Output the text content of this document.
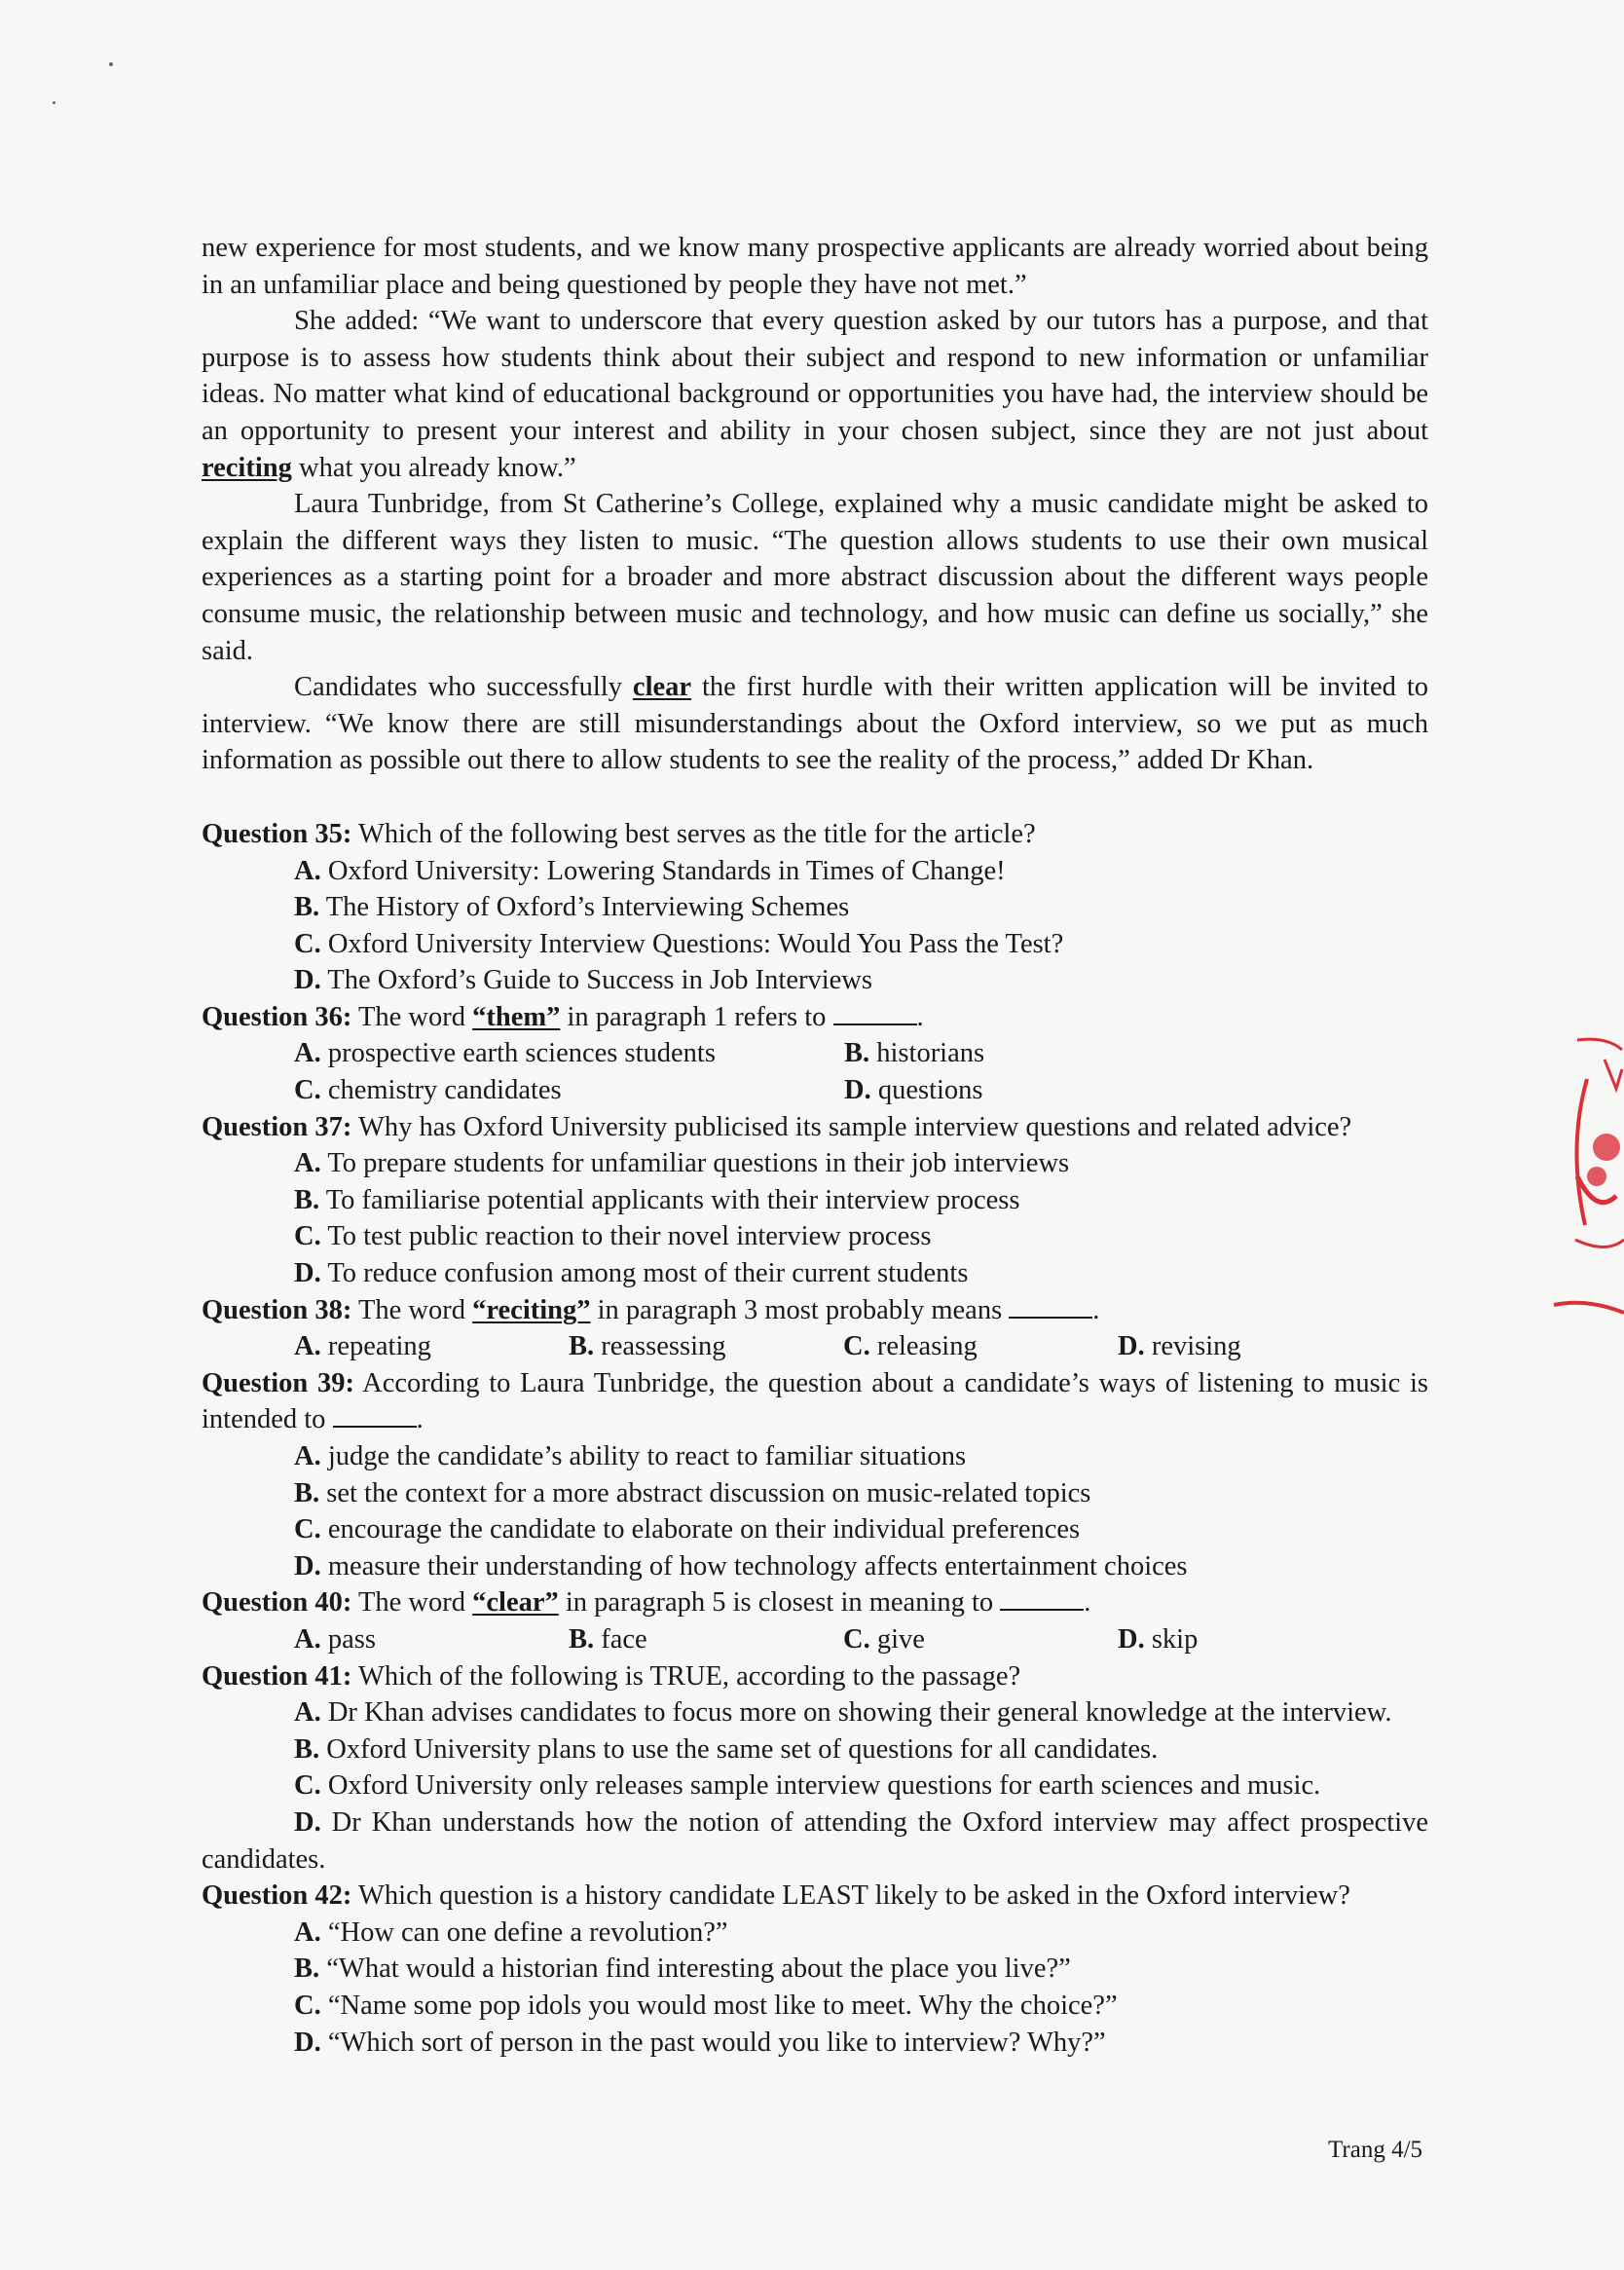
new experience for most students, and we know many prospective applicants are already worried about being in an unfamiliar place and being questioned by people they have not met.”

She added: “We want to underscore that every question asked by our tutors has a purpose, and that purpose is to assess how students think about their subject and respond to new information or unfamiliar ideas. No matter what kind of educational background or opportunities you have had, the interview should be an opportunity to present your interest and ability in your chosen subject, since they are not just about reciting what you already know.”

Laura Tunbridge, from St Catherine’s College, explained why a music candidate might be asked to explain the different ways they listen to music. “The question allows students to use their own musical experiences as a starting point for a broader and more abstract discussion about the different ways people consume music, the relationship between music and technology, and how music can define us socially,” she said.

Candidates who successfully clear the first hurdle with their written application will be invited to interview. “We know there are still misunderstandings about the Oxford interview, so we put as much information as possible out there to allow students to see the reality of the process,” added Dr Khan.

Question 35: Which of the following best serves as the title for the article?

A. Oxford University: Lowering Standards in Times of Change!

B. The History of Oxford’s Interviewing Schemes

C. Oxford University Interview Questions: Would You Pass the Test?

D. The Oxford’s Guide to Success in Job Interviews

Question 36: The word “them” in paragraph 1 refers to	.

A. prospective earth sciences students	B. historians
C. chemistry candidates	D. questions

Question 37: Why has Oxford University publicised its sample interview questions and related advice?

A. To prepare students for unfamiliar questions in their job interviews

B. To familiarise potential applicants with their interview process

C. To test public reaction to their novel interview process

D. To reduce confusion among most of their current students

Question 38: The word “reciting” in paragraph 3 most probably means	.

A. repeating	B. reassessing	C. releasing	D. revising

Question 39: According to Laura Tunbridge, the question about a candidate’s ways of listening to music is intended to	.

A. judge the candidate’s ability to react to familiar situations

B. set the context for a more abstract discussion on music-related topics

C. encourage the candidate to elaborate on their individual preferences

D. measure their understanding of how technology affects entertainment choices

Question 40: The word “clear” in paragraph 5 is closest in meaning to	.

A. pass	B. face	C. give	D. skip

Question 41: Which of the following is TRUE, according to the passage?

A. Dr Khan advises candidates to focus more on showing their general knowledge at the interview.

B. Oxford University plans to use the same set of questions for all candidates.

C. Oxford University only releases sample interview questions for earth sciences and music.

D. Dr Khan understands how the notion of attending the Oxford interview may affect prospective candidates.

Question 42: Which question is a history candidate LEAST likely to be asked in the Oxford interview?

A. “How can one define a revolution?”

B. “What would a historian find interesting about the place you live?”

C. “Name some pop idols you would most like to meet. Why the choice?”

D. “Which sort of person in the past would you like to interview? Why?”

Trang 4/5
